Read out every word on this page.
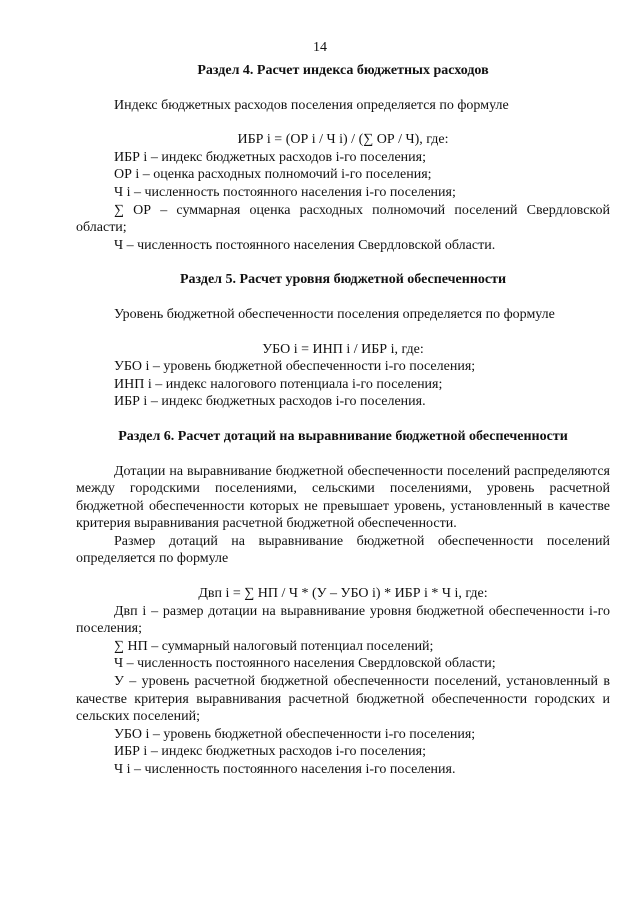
14

Раздел 4. Расчет индекса бюджетных расходов

Индекс бюджетных расходов поселения определяется по формуле

ИБР i = (ОР i / Ч i) / (∑ ОР / Ч), где:

ИБР i – индекс бюджетных расходов i-го поселения;

ОР i – оценка расходных полномочий i-го поселения;

Ч i – численность постоянного населения i-го поселения;

∑ ОР – суммарная оценка расходных полномочий поселений Свердловской области;

Ч – численность постоянного населения Свердловской области.

Раздел 5. Расчет уровня бюджетной обеспеченности

Уровень бюджетной обеспеченности поселения определяется по формуле

УБО i = ИНП i / ИБР i, где:

УБО i – уровень бюджетной обеспеченности i-го поселения;

ИНП i – индекс налогового потенциала i-го поселения;

ИБР i – индекс бюджетных расходов i-го поселения.

Раздел 6. Расчет дотаций на выравнивание бюджетной обеспеченности

Дотации на выравнивание бюджетной обеспеченности поселений распределяются между городскими поселениями, сельскими поселениями, уровень расчетной бюджетной обеспеченности которых не превышает уровень, установленный в качестве критерия выравнивания расчетной бюджетной обеспеченности.

Размер дотаций на выравнивание бюджетной обеспеченности поселений определяется по формуле

Двп i = ∑ НП / Ч * (У – УБО i) * ИБР i * Ч i, где:

Двп i – размер дотации на выравнивание уровня бюджетной обеспеченности i-го поселения;

∑ НП – суммарный налоговый потенциал поселений;

Ч – численность постоянного населения Свердловской области;

У – уровень расчетной бюджетной обеспеченности поселений, установленный в качестве критерия выравнивания расчетной бюджетной обеспеченности городских и сельских поселений;

УБО i – уровень бюджетной обеспеченности i-го поселения;

ИБР i – индекс бюджетных расходов i-го поселения;

Ч i – численность постоянного населения i-го поселения.
